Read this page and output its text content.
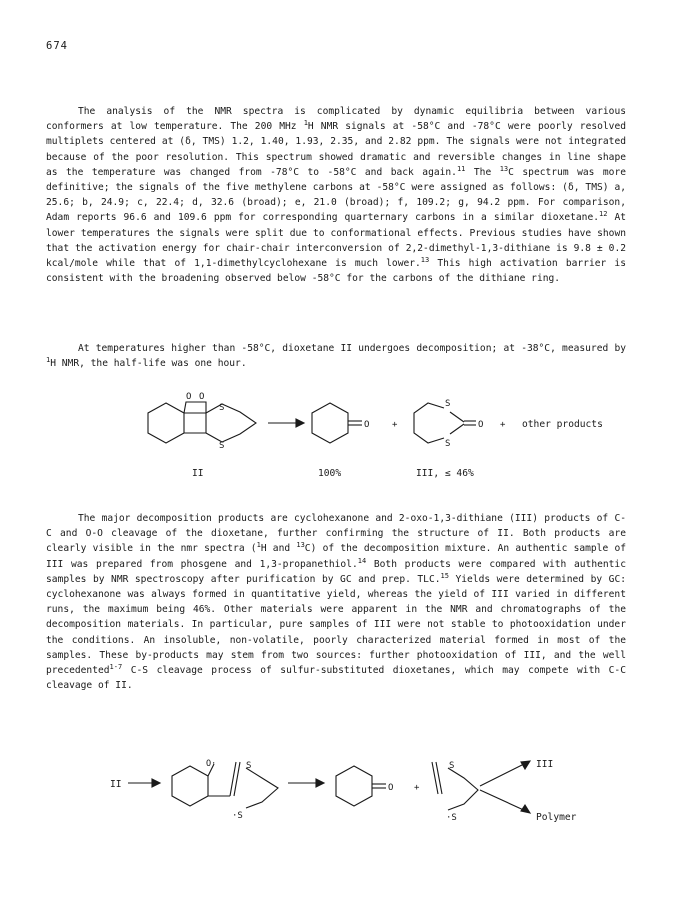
674

The analysis of the NMR spectra is complicated by dynamic equilibria between various conformers at low temperature. The 200 MHz $^1$H NMR signals at -58°C and -78°C were poorly resolved multiplets centered at (δ, TMS) 1.2, 1.40, 1.93, 2.35, and 2.82 ppm. The signals were not integrated because of the poor resolution. This spectrum showed dramatic and reversible changes in line shape as the temperature was changed from -78°C to -58°C and back again.$^{11}$ The $^{13}$C spectrum was more definitive; the signals of the five methylene carbons at -58°C were assigned as follows: (δ, TMS) a, 25.6; b, 24.9; c, 22.4; d, 32.6 (broad); e, 21.0 (broad); f, 109.2; g, 94.2 ppm. For comparison, Adam reports 96.6 and 109.6 ppm for corresponding quarternary carbons in a similar dioxetane.$^{12}$ At lower temperatures the signals were split due to conformational effects. Previous studies have shown that the activation energy for chair-chair interconversion of 2,2-dimethyl-1,3-dithiane is 9.8 ± 0.2 kcal/mole while that of 1,1-dimethylcyclohexane is much lower.$^{13}$ This high activation barrier is consistent with the broadening observed below -58°C for the carbons of the dithiane ring.

At temperatures higher than -58°C, dioxetane II undergoes decomposition; at -38°C, measured by $^1$H NMR, the half-life was one hour.

O O
S
S
O	+
S
S
O + other products
II	100%	III, ≤ 46%

The major decomposition products are cyclohexanone and 2-oxo-1,3-dithiane (III) products of C-C and O-O cleavage of the dioxetane, further confirming the structure of II. Both products are clearly visible in the nmr spectra ($^1$H and $^{13}$C) of the decomposition mixture. An authentic sample of III was prepared from phosgene and 1,3-propanethiol.$^{14}$ Both products were compared with authentic samples by NMR spectroscopy after purification by GC and prep. TLC.$^{15}$ Yields were determined by GC: cyclohexanone was always formed in quantitative yield, whereas the yield of III varied in different runs, the maximum being 46%. Other materials were apparent in the NMR and chromatographs of the decomposition materials. In particular, pure samples of III were not stable to photooxidation under the conditions. An insoluble, non-volatile, poorly characterized material formed in most of the samples. These by-products may stem from two sources: further photooxidation of III, and the well precedented$^{1-7}$ C-S cleavage process of sulfur-substituted dioxetanes, which may compete with C-C cleavage of II.

II
O·	S
·S
O +
S
·S
III
Polymer
